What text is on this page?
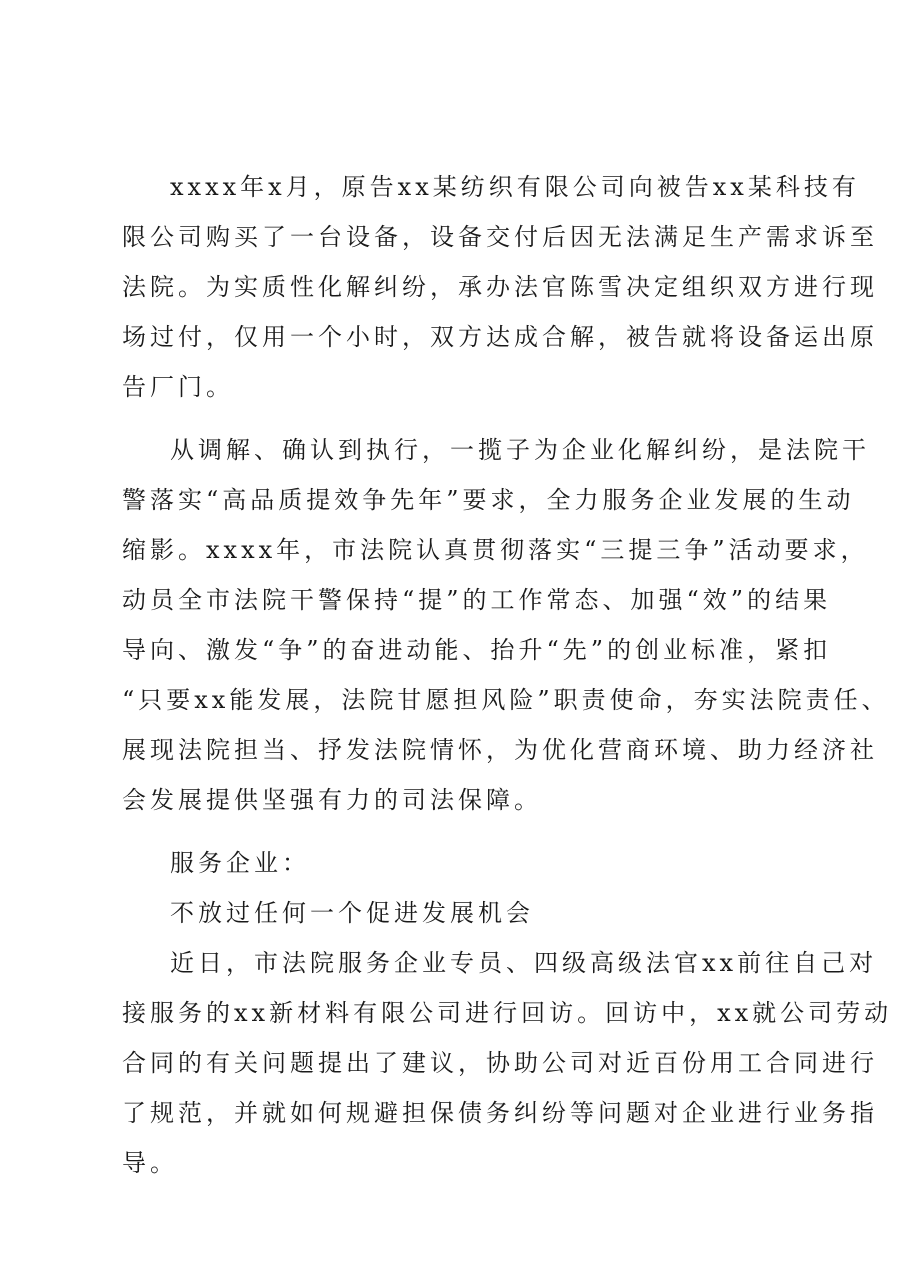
xxxx年x月，原告xx某纺织有限公司向被告xx某科技有

限公司购买了一台设备，设备交付后因无法满足生产需求诉至

法院。为实质性化解纠纷，承办法官陈雪决定组织双方进行现

场过付，仅用一个小时，双方达成合解，被告就将设备运出原

告厂门。

从调解、确认到执行，一揽子为企业化解纠纷，是法院干

警落实“高品质提效争先年”要求，全力服务企业发展的生动

缩影。xxxx年，市法院认真贯彻落实“三提三争”活动要求，

动员全市法院干警保持“提”的工作常态、加强“效”的结果

导向、激发“争”的奋进动能、抬升“先”的创业标准，紧扣

“只要xx能发展，法院甘愿担风险”职责使命，夯实法院责任、

展现法院担当、抒发法院情怀，为优化营商环境、助力经济社

会发展提供坚强有力的司法保障。

服务企业：

不放过任何一个促进发展机会

近日，市法院服务企业专员、四级高级法官xx前往自己对

接服务的xx新材料有限公司进行回访。回访中，xx就公司劳动

合同的有关问题提出了建议，协助公司对近百份用工合同进行

了规范，并就如何规避担保债务纠纷等问题对企业进行业务指

导。
